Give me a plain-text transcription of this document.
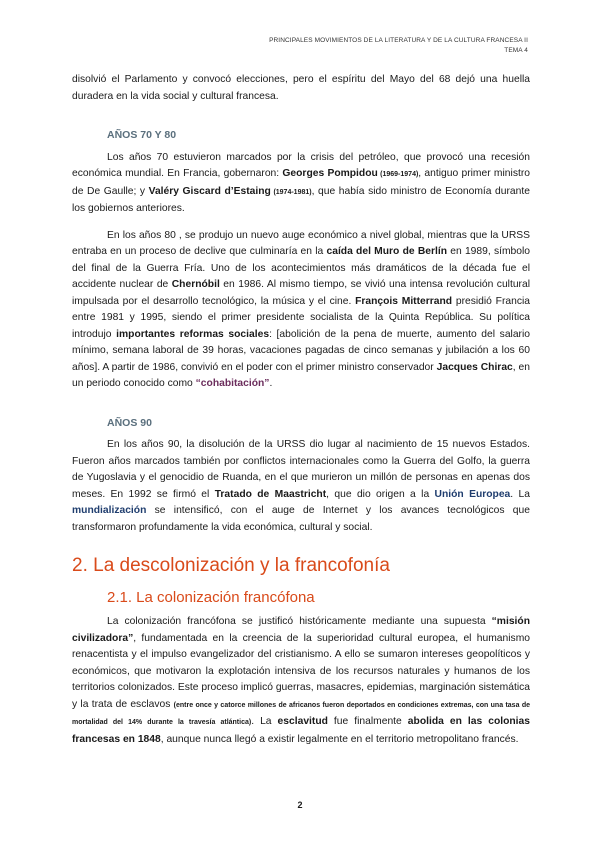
PRINCIPALES MOVIMIENTOS DE LA LITERATURA Y DE LA CULTURA FRANCESA II
TEMA 4

disolvió el Parlamento y convocó elecciones, pero el espíritu del Mayo del 68 dejó una huella duradera en la vida social y cultural francesa.

AÑOS 70 Y 80

Los años 70 estuvieron marcados por la crisis del petróleo, que provocó una recesión económica mundial. En Francia, gobernaron: Georges Pompidou (1969-1974), antiguo primer ministro de De Gaulle; y Valéry Giscard d’Estaing (1974-1981), que había sido ministro de Economía durante los gobiernos anteriores.

En los años 80 , se produjo un nuevo auge económico a nivel global, mientras que la URSS entraba en un proceso de declive que culminaría en la caída del Muro de Berlín en 1989, símbolo del final de la Guerra Fría. Uno de los acontecimientos más dramáticos de la década fue el accidente nuclear de Chernóbil en 1986. Al mismo tiempo, se vivió una intensa revolución cultural impulsada por el desarrollo tecnológico, la música y el cine. François Mitterrand presidió Francia entre 1981 y 1995, siendo el primer presidente socialista de la Quinta República. Su política introdujo importantes reformas sociales: [abolición de la pena de muerte, aumento del salario mínimo, semana laboral de 39 horas, vacaciones pagadas de cinco semanas y jubilación a los 60 años]. A partir de 1986, convivió en el poder con el primer ministro conservador Jacques Chirac, en un periodo conocido como “cohabitación”.

AÑOS 90

En los años 90, la disolución de la URSS dio lugar al nacimiento de 15 nuevos Estados. Fueron años marcados también por conflictos internacionales como la Guerra del Golfo, la guerra de Yugoslavia y el genocidio de Ruanda, en el que murieron un millón de personas en apenas dos meses. En 1992 se firmó el Tratado de Maastricht, que dio origen a la Unión Europea. La mundialización se intensificó, con el auge de Internet y los avances tecnológicos que transformaron profundamente la vida económica, cultural y social.

2. La descolonización y la francofonía
2.1. La colonización francófona

La colonización francófona se justificó históricamente mediante una supuesta “misión civilizadora”, fundamentada en la creencia de la superioridad cultural europea, el humanismo renacentista y el impulso evangelizador del cristianismo. A ello se sumaron intereses geopolíticos y económicos, que motivaron la explotación intensiva de los recursos naturales y humanos de los territorios colonizados. Este proceso implicó guerras, masacres, epidemias, marginación sistemática y la trata de esclavos (entre once y catorce millones de africanos fueron deportados en condiciones extremas, con una tasa de mortalidad del 14% durante la travesía atlántica). La esclavitud fue finalmente abolida en las colonias francesas en 1848, aunque nunca llegó a existir legalmente en el territorio metropolitano francés.

2
